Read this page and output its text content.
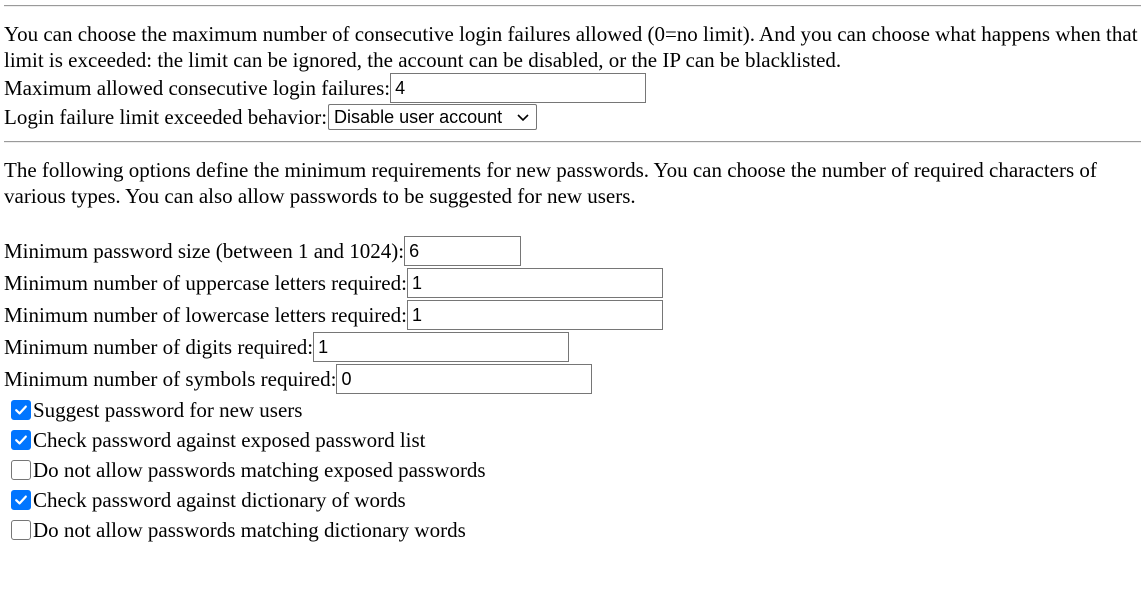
You can choose the maximum number of consecutive login failures allowed (0=no limit). And you can choose what happens when that limit is exceeded: the limit can be ignored, the account can be disabled, or the IP can be blacklisted.
Maximum allowed consecutive login failures:
4
Login failure limit exceeded behavior: Disable user account
The following options define the minimum requirements for new passwords. You can choose the number of required characters of various types. You can also allow passwords to be suggested for new users.
Minimum password size (between 1 and 1024):
6
Minimum number of uppercase letters required:
1
Minimum number of lowercase letters required:
1
Minimum number of digits required:
1
Minimum number of symbols required:
0
Suggest password for new users
Check password against exposed password list
Do not allow passwords matching exposed passwords
Check password against dictionary of words
Do not allow passwords matching dictionary words
